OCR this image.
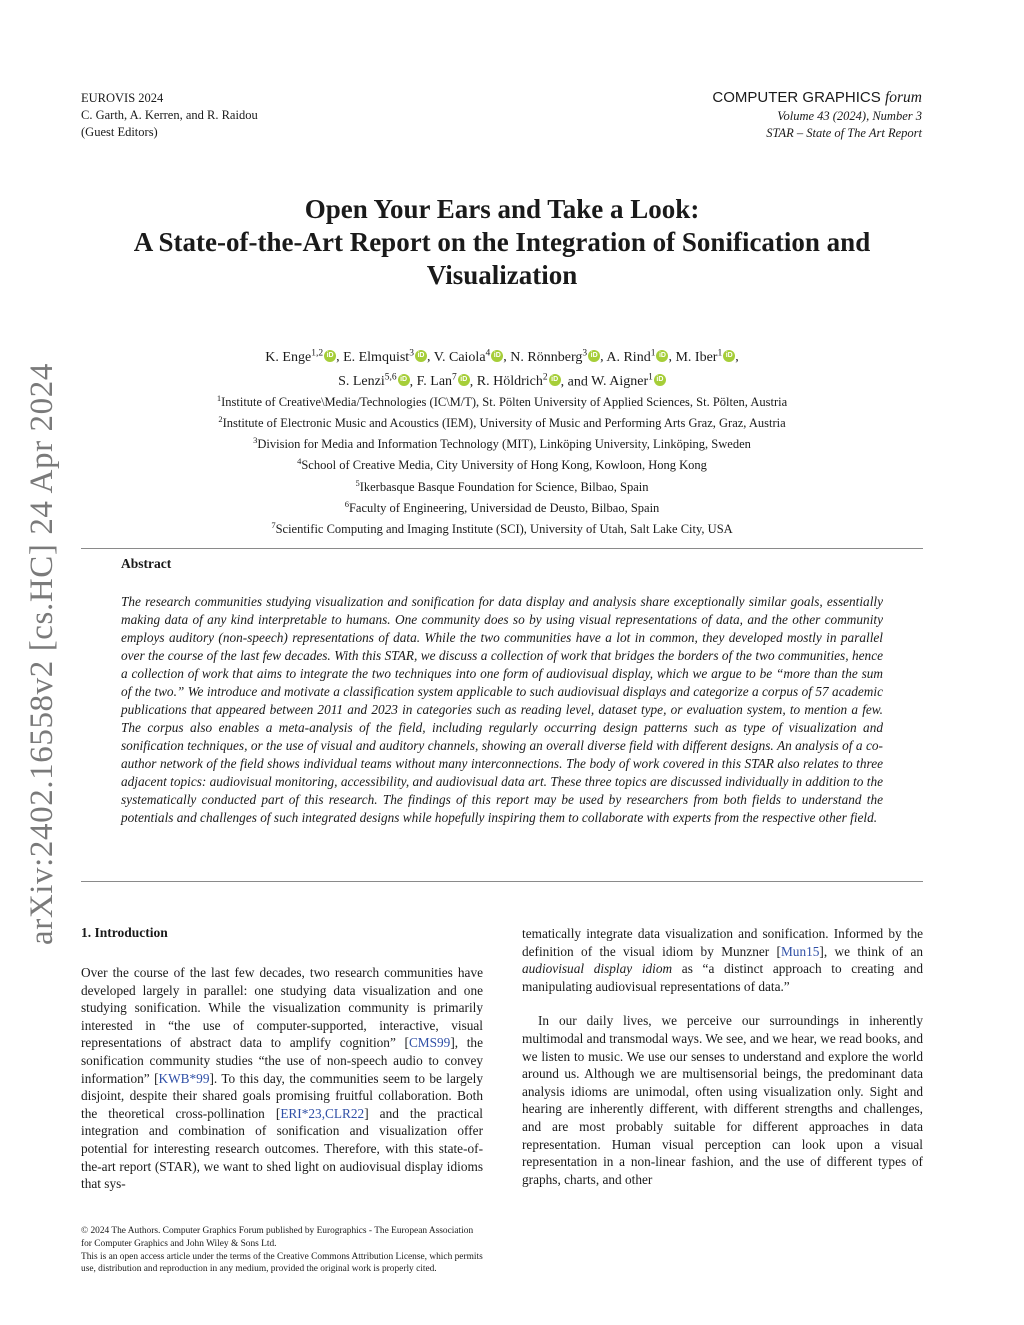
EUROVIS 2024
C. Garth, A. Kerren, and R. Raidou
(Guest Editors)
COMPUTER GRAPHICS forum
Volume 43 (2024), Number 3
STAR – State of The Art Report
arXiv:2402.16558v2 [cs.HC] 24 Apr 2024
Open Your Ears and Take a Look:
A State-of-the-Art Report on the Integration of Sonification and
Visualization
K. Enge$^{1,2}$ iD , E. Elmquist$^3$ iD , V. Caiola$^4$ iD , N. Rönnberg$^3$ iD , A. Rind$^1$ iD , M. Iber$^1$ iD ,
S. Lenzi$^{5,6}$ iD , F. Lan$^7$ iD , R. Höldrich$^2$ iD , and W. Aigner$^1$iD
$^1$Institute of Creative\Media/Technologies (IC\M/T), St. Pölten University of Applied Sciences, St. Pölten, Austria
$^2$Institute of Electronic Music and Acoustics (IEM), University of Music and Performing Arts Graz, Graz, Austria
$^3$Division for Media and Information Technology (MIT), Linköping University, Linköping, Sweden
$^4$School of Creative Media, City University of Hong Kong, Kowloon, Hong Kong
$^5$Ikerbasque Basque Foundation for Science, Bilbao, Spain
$^6$Faculty of Engineering, Universidad de Deusto, Bilbao, Spain
$^7$Scientific Computing and Imaging Institute (SCI), University of Utah, Salt Lake City, USA
Abstract
The research communities studying visualization and sonification for data display and analysis share exceptionally similar goals, essentially making data of any kind interpretable to humans. One community does so by using visual representations of data, and the other community employs auditory (non-speech) representations of data. While the two communities have a lot in common, they developed mostly in parallel over the course of the last few decades. With this STAR, we discuss a collection of work that bridges the borders of the two communities, hence a collection of work that aims to integrate the two techniques into one form of audiovisual display, which we argue to be “more than the sum of the two.” We introduce and motivate a classification system applicable to such audiovisual displays and categorize a corpus of 57 academic publications that appeared between 2011 and 2023 in categories such as reading level, dataset type, or evaluation system, to mention a few. The corpus also enables a meta-analysis of the field, including regularly occurring design patterns such as type of visualization and sonification techniques, or the use of visual and auditory channels, showing an overall diverse field with different designs. An analysis of a co-author network of the field shows individual teams without many interconnections. The body of work covered in this STAR also relates to three adjacent topics: audiovisual monitoring, accessibility, and audiovisual data art. These three topics are discussed individually in addition to the systematically conducted part of this research. The findings of this report may be used by researchers from both fields to understand the potentials and challenges of such integrated designs while hopefully inspiring them to collaborate with experts from the respective other field.
1. Introduction

Over the course of the last few decades, two research communities have developed largely in parallel: one studying data visualization and one studying sonification. While the visualization community is primarily interested in “the use of computer-supported, interactive, visual representations of abstract data to amplify cognition” [CMS99], the sonification community studies “the use of non-speech audio to convey information” [KWB*99]. To this day, the communities seem to be largely disjoint, despite their shared goals promising fruitful collaboration. Both the theoretical cross-pollination [ERI*23,CLR22] and the practical integration and combination of sonification and visualization offer potential for interesting research outcomes. Therefore, with this state-of-the-art report (STAR), we want to shed light on audiovisual display idioms that sys-

tematically integrate data visualization and sonification. Informed by the definition of the visual idiom by Munzner [Mun15], we think of an audiovisual display idiom as “a distinct approach to creating and manipulating audiovisual representations of data.”

In our daily lives, we perceive our surroundings in inherently multimodal and transmodal ways. We see, and we hear, we read books, and we listen to music. We use our senses to understand and explore the world around us. Although we are multisensorial beings, the predominant data analysis idioms are unimodal, often using visualization only. Sight and hearing are inherently different, with different strengths and challenges, and are most probably suitable for different approaches in data representation. Human visual perception can look upon a visual representation in a non-linear fashion, and the use of different types of graphs, charts, and other

© 2024 The Authors. Computer Graphics Forum published by Eurographics - The European Association for Computer Graphics and John Wiley & Sons Ltd.

This is an open access article under the terms of the Creative Commons Attribution License, which permits use, distribution and reproduction in any medium, provided the original work is properly cited.
